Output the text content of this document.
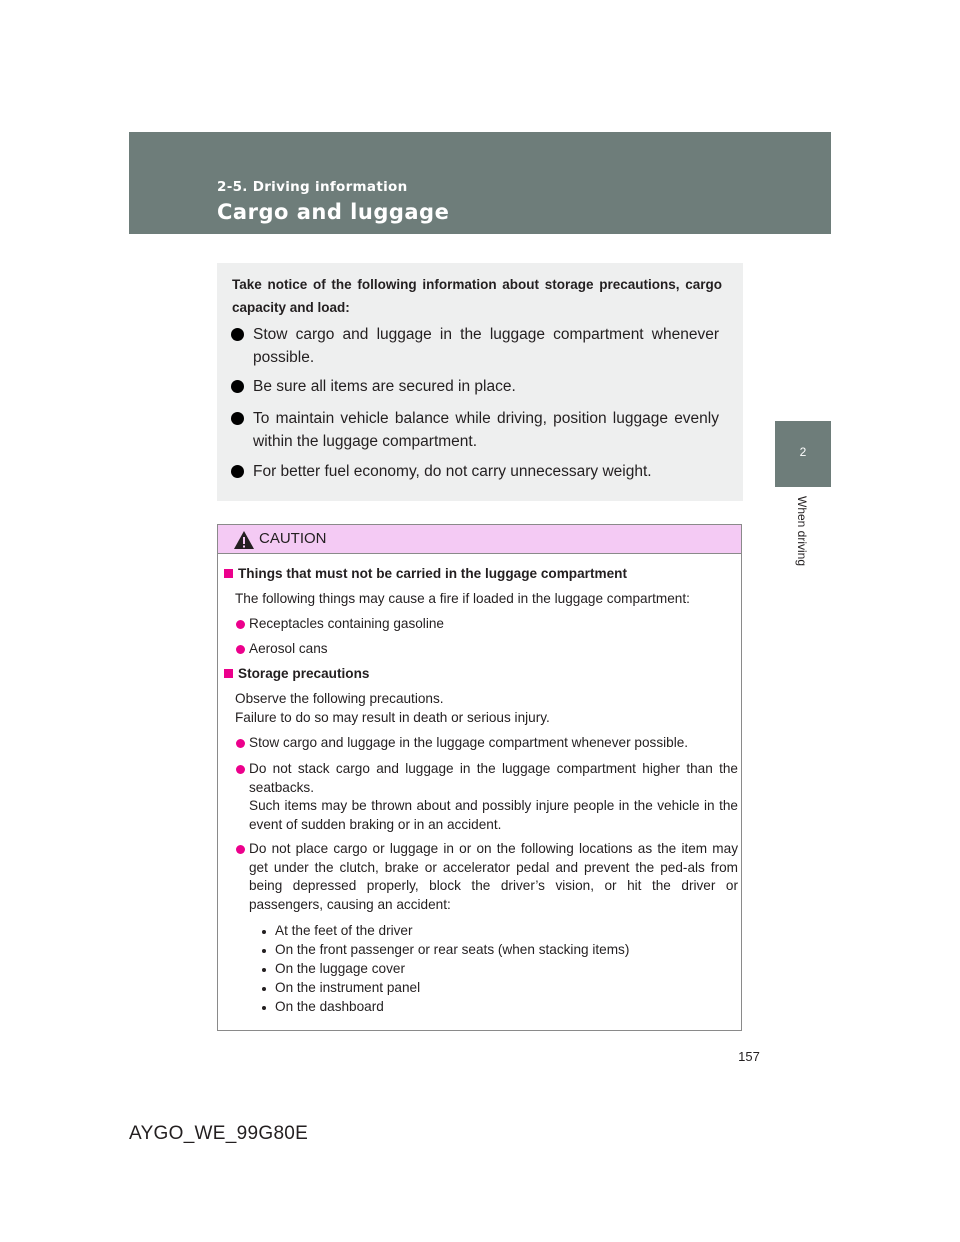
2-5. Driving information
Cargo and luggage
2
When driving
Take notice of the following information about storage precautions, cargo capacity and load:
Stow cargo and luggage in the luggage compartment whenever possible.
Be sure all items are secured in place.
To maintain vehicle balance while driving, position luggage evenly within the luggage compartment.
For better fuel economy, do not carry unnecessary weight.
CAUTION
Things that must not be carried in the luggage compartment
The following things may cause a fire if loaded in the luggage compartment:
Receptacles containing gasoline
Aerosol cans
Storage precautions
Observe the following precautions.
Failure to do so may result in death or serious injury.
Stow cargo and luggage in the luggage compartment whenever possible.
Do not stack cargo and luggage in the luggage compartment higher than the seatbacks.
Such items may be thrown about and possibly injure people in the vehicle in the event of sudden braking or in an accident.
Do not place cargo or luggage in or on the following locations as the item may get under the clutch, brake or accelerator pedal and prevent the ped-als from being depressed properly, block the driver’s vision, or hit the driver or passengers, causing an accident:
At the feet of the driver
On the front passenger or rear seats (when stacking items)
On the luggage cover
On the instrument panel
On the dashboard
157
AYGO_WE_99G80E
